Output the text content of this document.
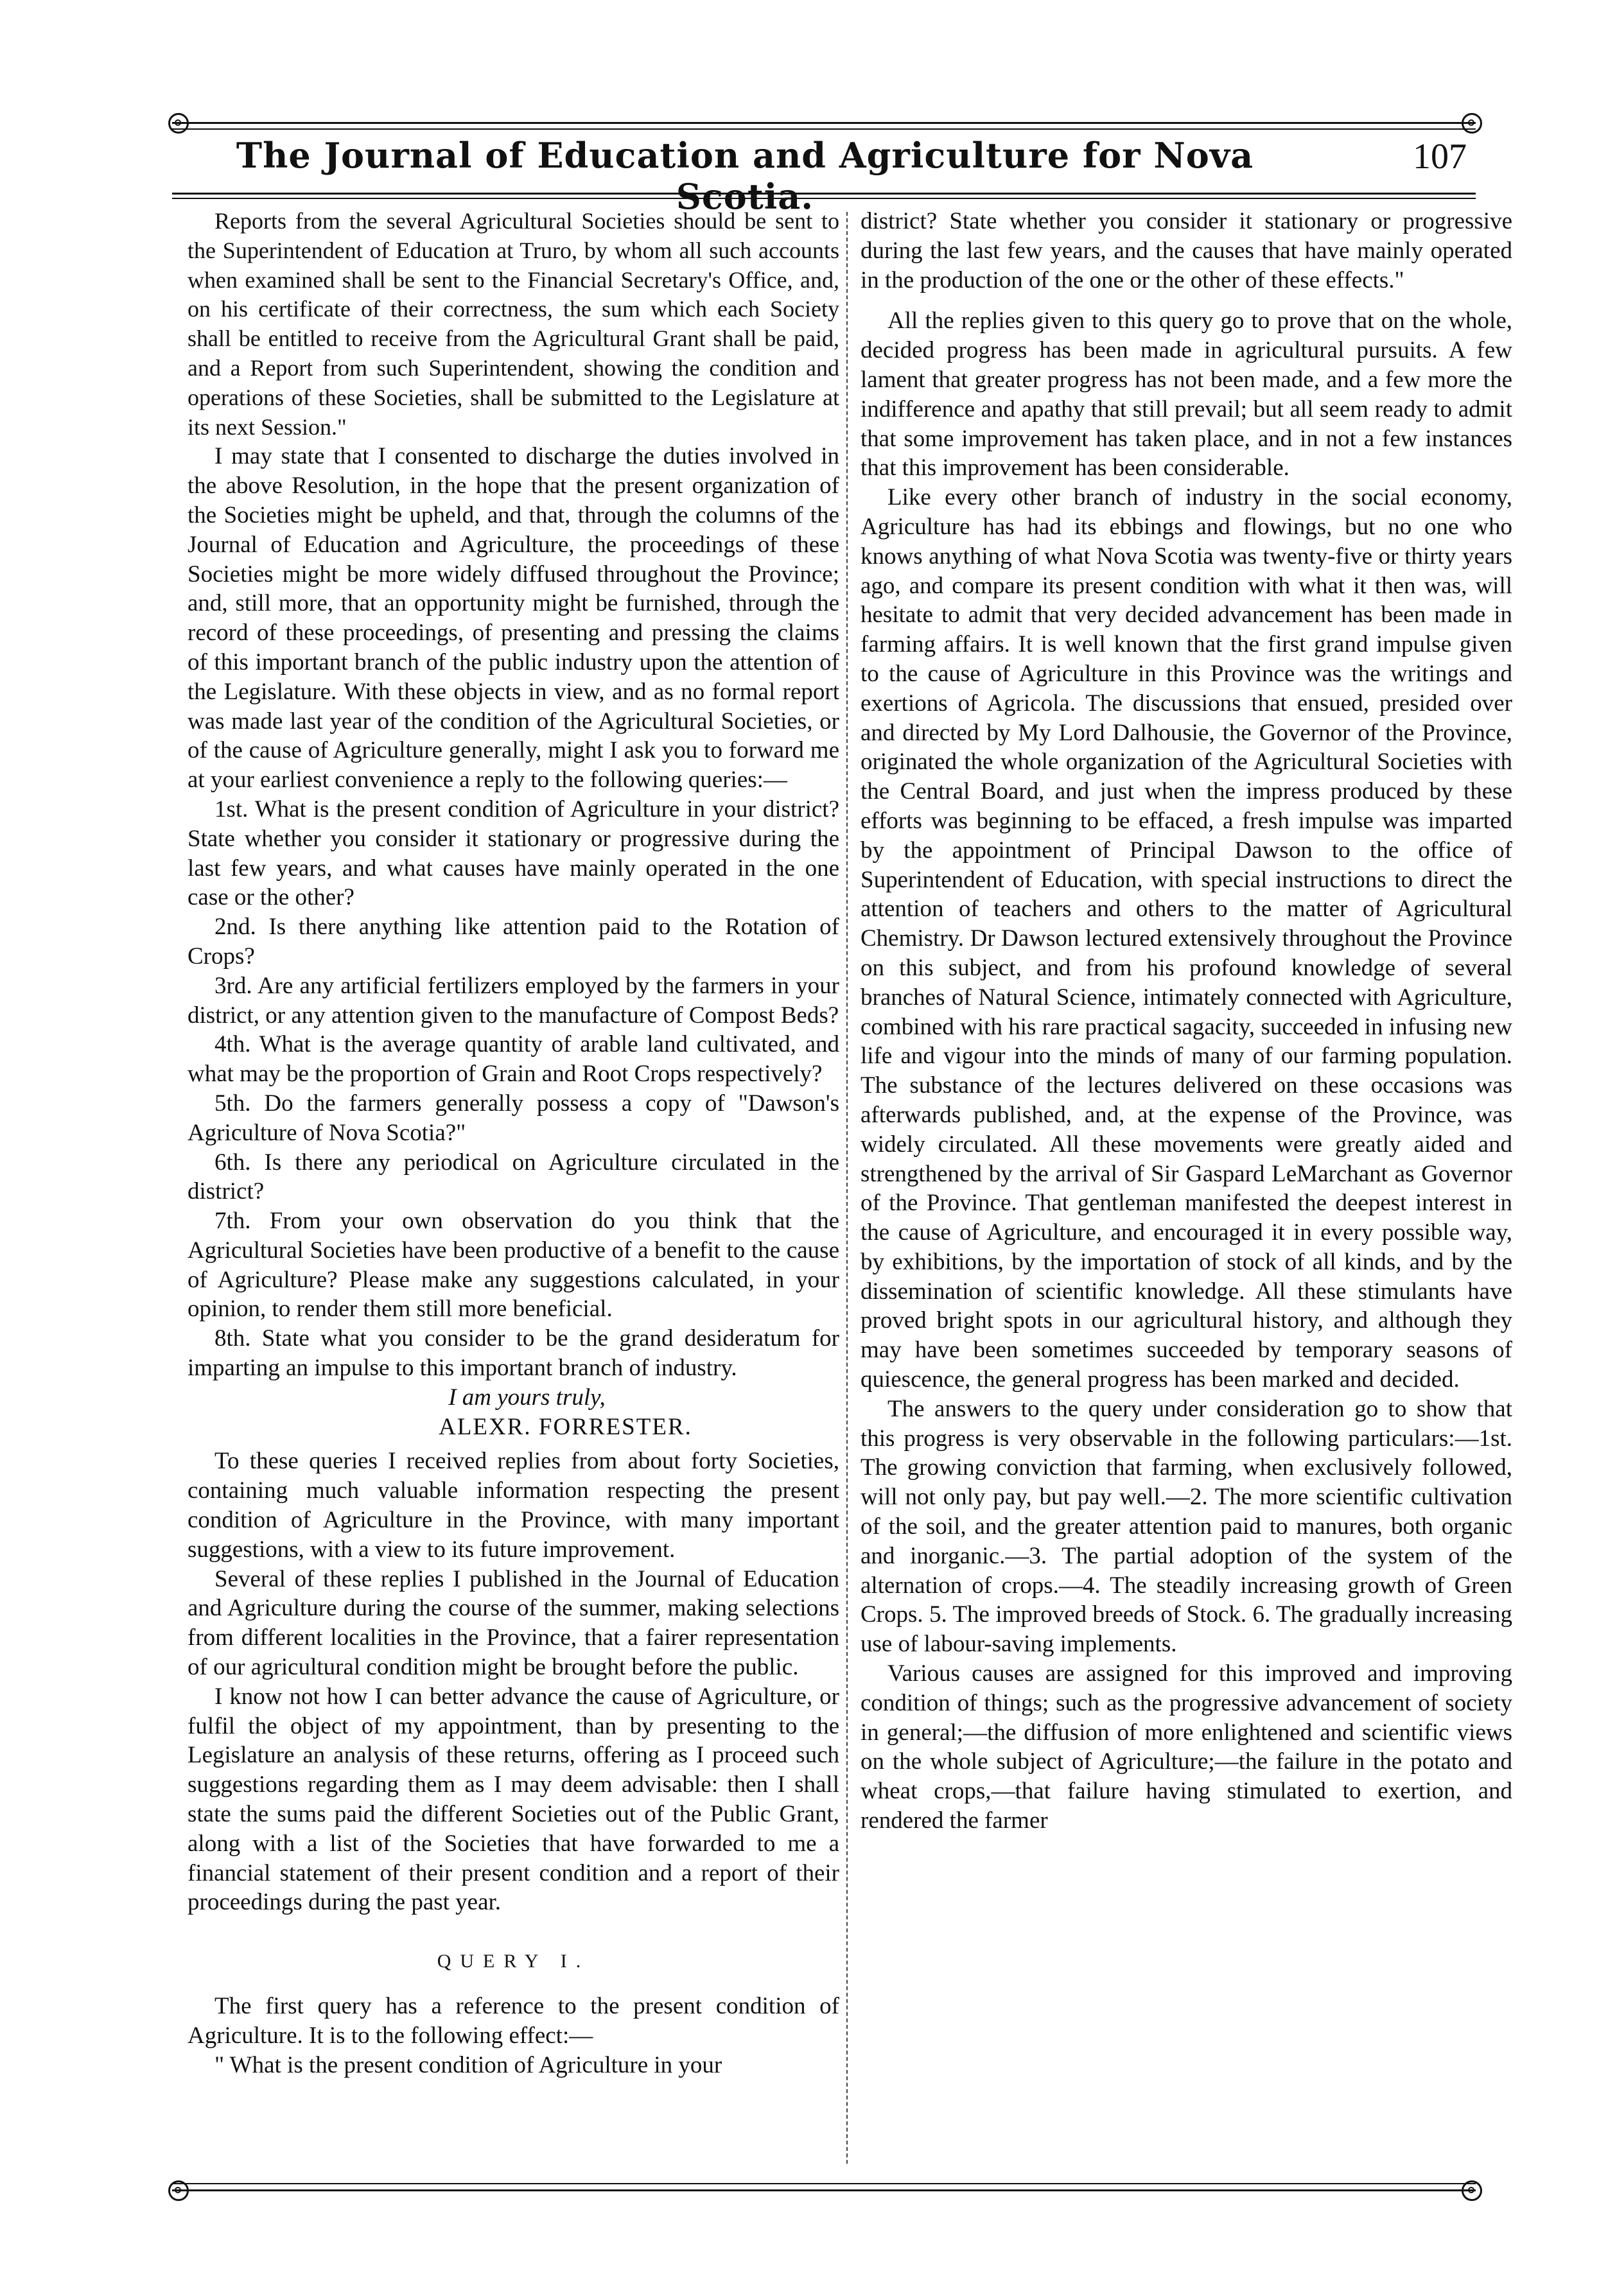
The Journal of Education and Agriculture for Nova Scotia.
107

Reports from the several Agricultural Societies should be sent to the Superintendent of Education at Truro, by whom all such accounts when examined shall be sent to the Financial Secretary's Office, and, on his certificate of their correctness, the sum which each Society shall be entitled to receive from the Agricultural Grant shall be paid, and a Report from such Superintendent, showing the condition and operations of these Societies, shall be submitted to the Legislature at its next Session."

I may state that I consented to discharge the duties involved in the above Resolution, in the hope that the present organization of the Societies might be upheld, and that, through the columns of the Journal of Education and Agriculture, the proceedings of these Societies might be more widely diffused throughout the Province; and, still more, that an opportunity might be furnished, through the record of these proceedings, of presenting and pressing the claims of this important branch of the public industry upon the attention of the Legislature. With these objects in view, and as no formal report was made last year of the condition of the Agricultural Societies, or of the cause of Agriculture generally, might I ask you to forward me at your earliest convenience a reply to the following queries:—

1st. What is the present condition of Agriculture in your district? State whether you consider it stationary or progressive during the last few years, and what causes have mainly operated in the one case or the other?

2nd. Is there anything like attention paid to the Rotation of Crops?

3rd. Are any artificial fertilizers employed by the farmers in your district, or any attention given to the manufacture of Compost Beds?

4th. What is the average quantity of arable land cultivated, and what may be the proportion of Grain and Root Crops respectively?

5th. Do the farmers generally possess a copy of "Dawson's Agriculture of Nova Scotia?"

6th. Is there any periodical on Agriculture circulated in the district?

7th. From your own observation do you think that the Agricultural Societies have been productive of a benefit to the cause of Agriculture? Please make any suggestions calculated, in your opinion, to render them still more beneficial.

8th. State what you consider to be the grand desideratum for imparting an impulse to this important branch of industry.

I am yours truly,

ALEXR. FORRESTER.

To these queries I received replies from about forty Societies, containing much valuable information respecting the present condition of Agriculture in the Province, with many important suggestions, with a view to its future improvement.

Several of these replies I published in the Journal of Education and Agriculture during the course of the summer, making selections from different localities in the Province, that a fairer representation of our agricultural condition might be brought before the public.

I know not how I can better advance the cause of Agriculture, or fulfil the object of my appointment, than by presenting to the Legislature an analysis of these returns, offering as I proceed such suggestions regarding them as I may deem advisable: then I shall state the sums paid the different Societies out of the Public Grant, along with a list of the Societies that have forwarded to me a financial statement of their present condition and a report of their proceedings during the past year.

QUERY I.

The first query has a reference to the present condition of Agriculture. It is to the following effect:—

" What is the present condition of Agriculture in your

district? State whether you consider it stationary or progressive during the last few years, and the causes that have mainly operated in the production of the one or the other of these effects."

All the replies given to this query go to prove that on the whole, decided progress has been made in agricultural pursuits. A few lament that greater progress has not been made, and a few more the indifference and apathy that still prevail; but all seem ready to admit that some improvement has taken place, and in not a few instances that this improvement has been considerable.

Like every other branch of industry in the social economy, Agriculture has had its ebbings and flowings, but no one who knows anything of what Nova Scotia was twenty-five or thirty years ago, and compare its present condition with what it then was, will hesitate to admit that very decided advancement has been made in farming affairs. It is well known that the first grand impulse given to the cause of Agriculture in this Province was the writings and exertions of Agricola. The discussions that ensued, presided over and directed by My Lord Dalhousie, the Governor of the Province, originated the whole organization of the Agricultural Societies with the Central Board, and just when the impress produced by these efforts was beginning to be effaced, a fresh impulse was imparted by the appointment of Principal Dawson to the office of Superintendent of Education, with special instructions to direct the attention of teachers and others to the matter of Agricultural Chemistry. Dr Dawson lectured extensively throughout the Province on this subject, and from his profound knowledge of several branches of Natural Science, intimately connected with Agriculture, combined with his rare practical sagacity, succeeded in infusing new life and vigour into the minds of many of our farming population. The substance of the lectures delivered on these occasions was afterwards published, and, at the expense of the Province, was widely circulated. All these movements were greatly aided and strengthened by the arrival of Sir Gaspard LeMarchant as Governor of the Province. That gentleman manifested the deepest interest in the cause of Agriculture, and encouraged it in every possible way, by exhibitions, by the importation of stock of all kinds, and by the dissemination of scientific knowledge. All these stimulants have proved bright spots in our agricultural history, and although they may have been sometimes succeeded by temporary seasons of quiescence, the general progress has been marked and decided.

The answers to the query under consideration go to show that this progress is very observable in the following particulars:—1st. The growing conviction that farming, when exclusively followed, will not only pay, but pay well.—2. The more scientific cultivation of the soil, and the greater attention paid to manures, both organic and inorganic.—3. The partial adoption of the system of the alternation of crops.—4. The steadily increasing growth of Green Crops. 5. The improved breeds of Stock. 6. The gradually increasing use of labour-saving implements.

Various causes are assigned for this improved and improving condition of things; such as the progressive advancement of society in general;—the diffusion of more enlightened and scientific views on the whole subject of Agriculture;—the failure in the potato and wheat crops,—that failure having stimulated to exertion, and rendered the farmer
